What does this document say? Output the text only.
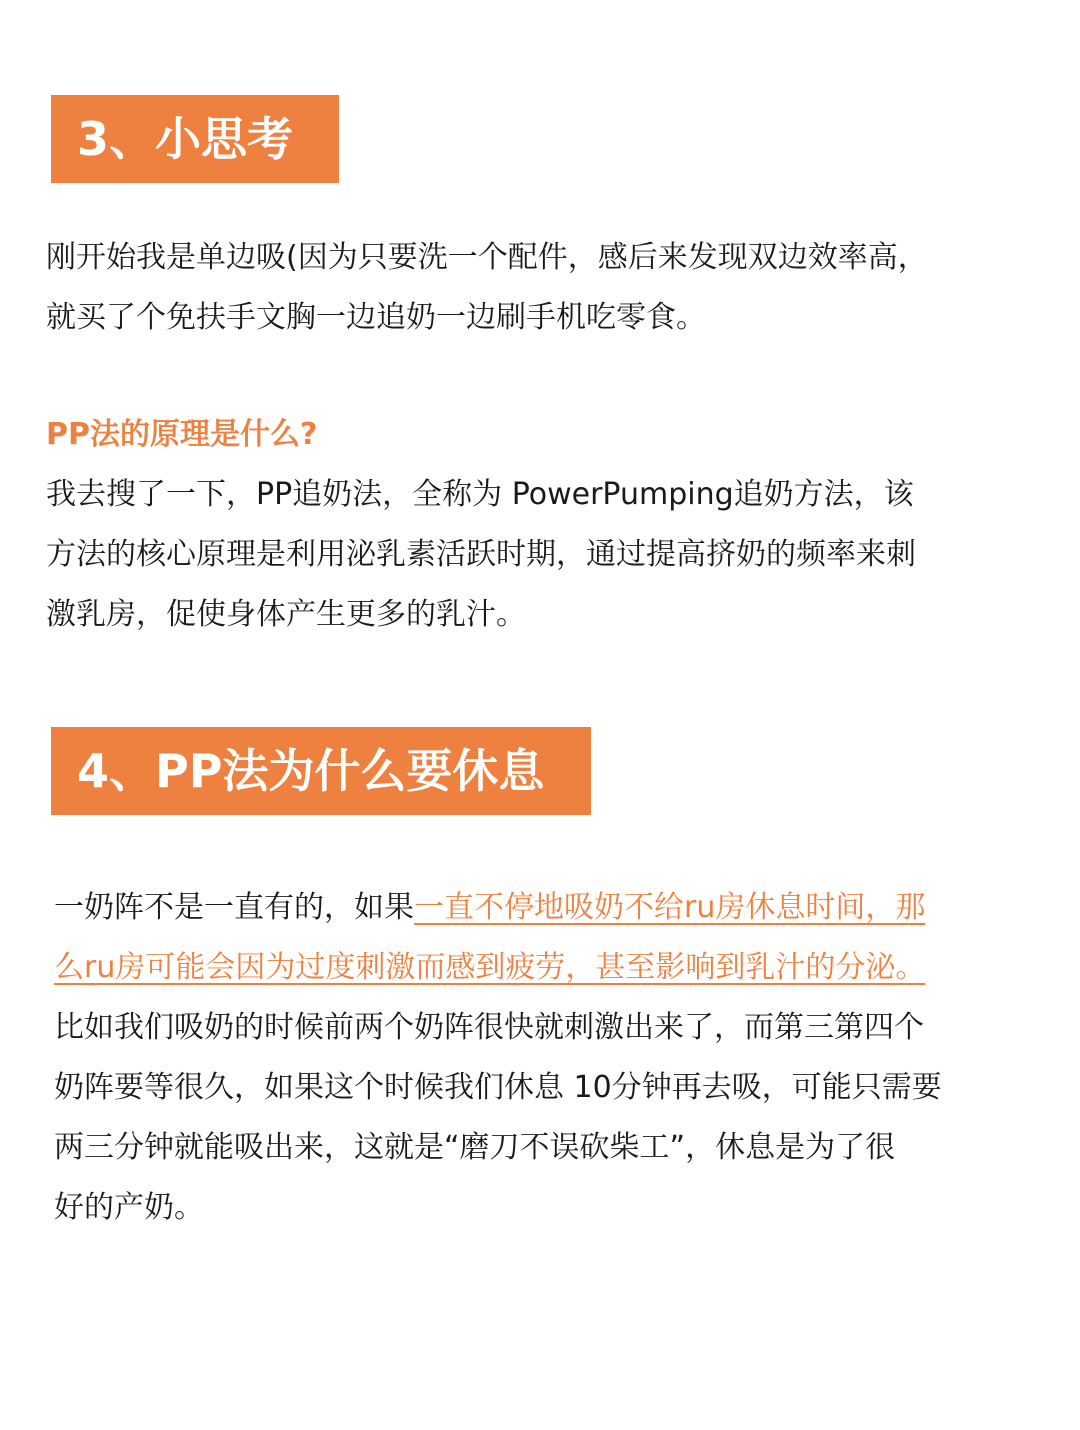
3、小思考
刚开始我是单边吸(因为只要洗一个配件，感后来发现双边效率高，
就买了个免扶手文胸一边追奶一边刷手机吃零食。
PP法的原理是什么?
我去搜了一下，PP追奶法，全称为 PowerPumping追奶方法，该
方法的核心原理是利用泌乳素活跃时期，通过提高挤奶的频率来刺
激乳房，促使身体产生更多的乳汁。
4、PP法为什么要休息
一奶阵不是一直有的，如果一直不停地吸奶不给ru房休息时间，那
么ru房可能会因为过度刺激而感到疲劳，甚至影响到乳汁的分泌。
比如我们吸奶的时候前两个奶阵很快就刺激出来了，而第三第四个
奶阵要等很久，如果这个时候我们休息 10分钟再去吸，可能只需要
两三分钟就能吸出来，这就是“磨刀不误砍柴工”，休息是为了很
好的产奶。
